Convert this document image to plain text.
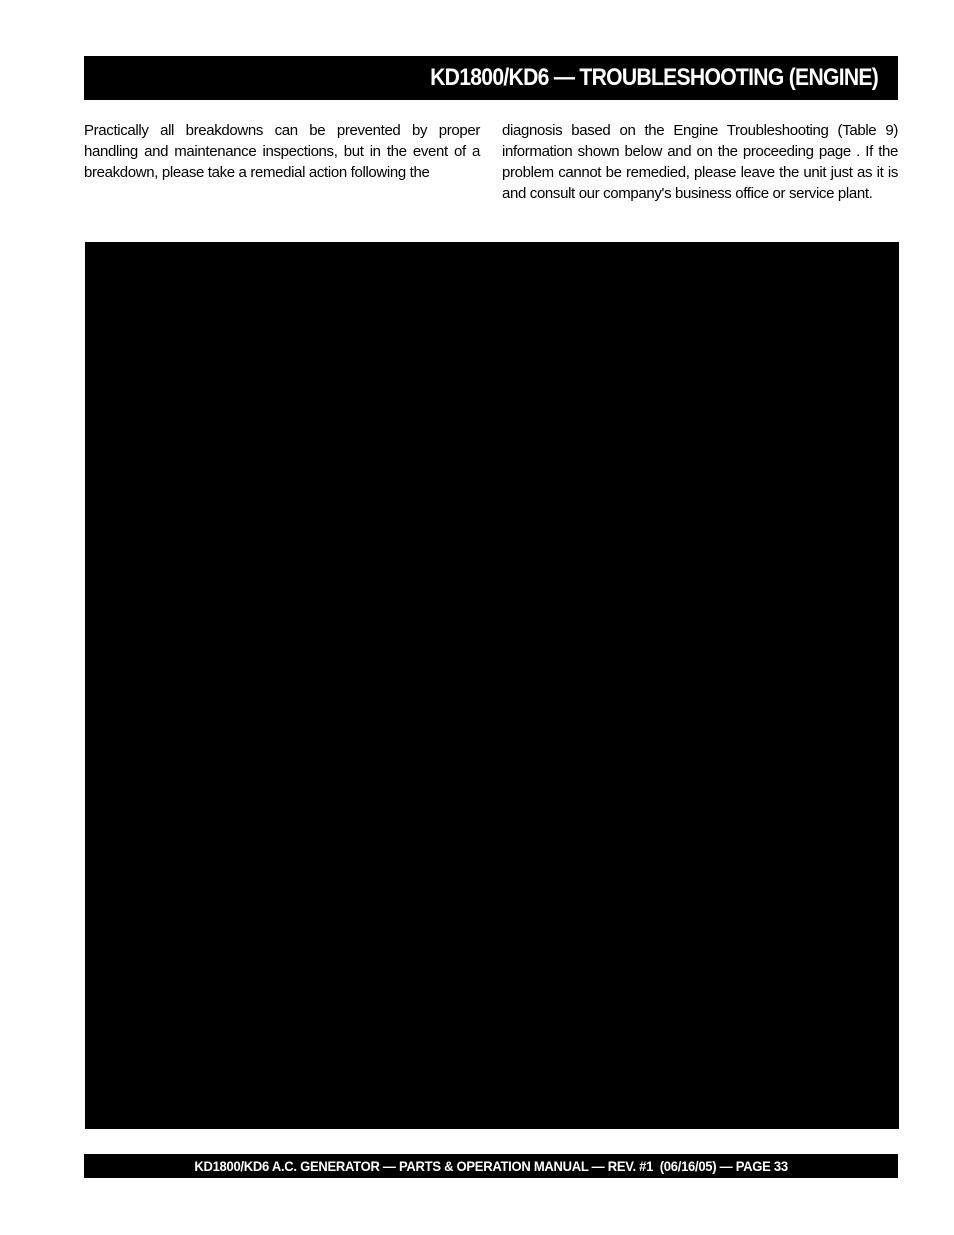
KD1800/KD6 — TROUBLESHOOTING (ENGINE)

Practically all breakdowns can be prevented by proper handling and maintenance inspections, but in the event of a breakdown, please take a remedial action following the

diagnosis based on the Engine Troubleshooting (Table 9) information shown below and on the proceeding page . If the problem cannot be remedied, please leave the unit just as it is and consult our company's business office or service plant.

KD1800/KD6 A.C. GENERATOR — PARTS & OPERATION MANUAL — REV. #1  (06/16/05) — PAGE 33
